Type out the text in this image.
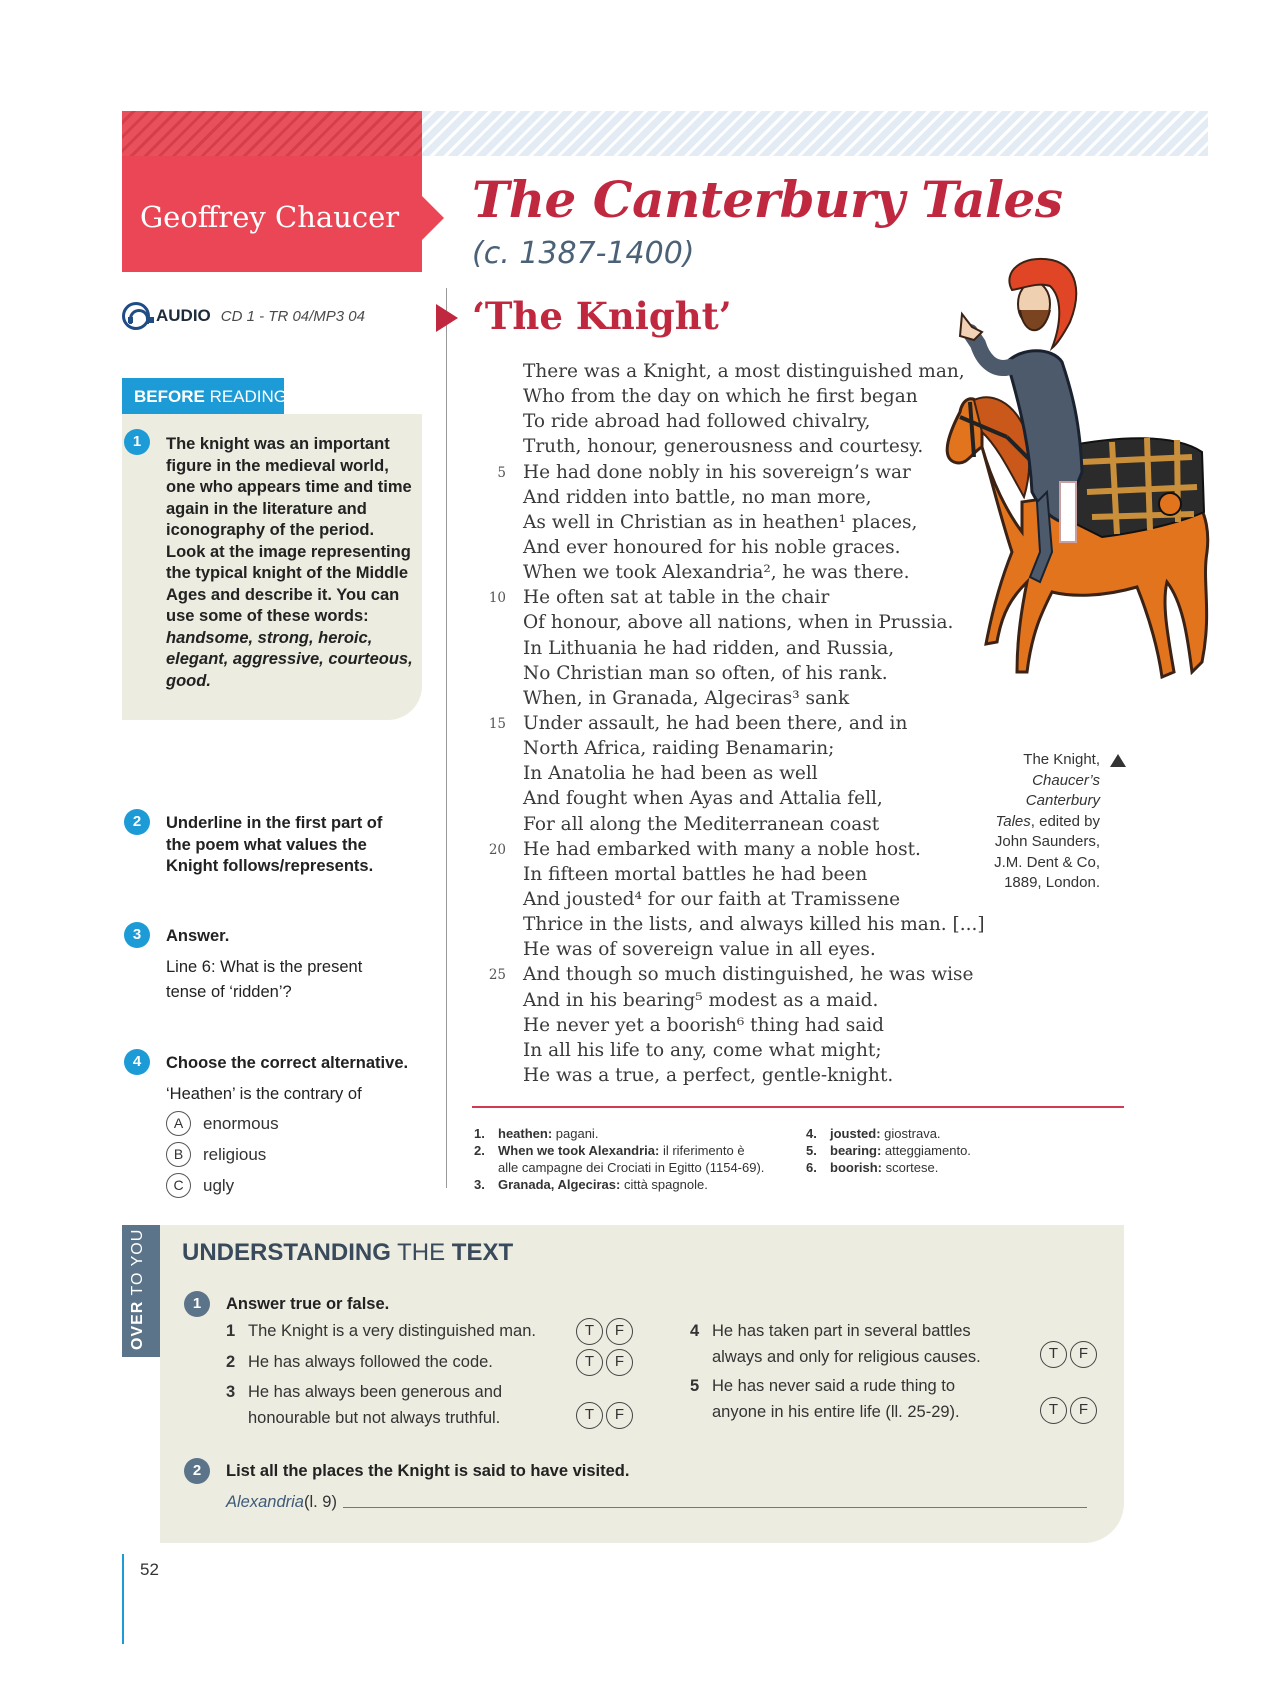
Geoffrey Chaucer The Canterbury Tales
(c. 1387-1400)
AUDIO CD 1 - TR 04/MP3 04	‘The Knight’
BEFORE READING
1	The knight was an important figure in the medieval world, one who appears time and time again in the literature and iconography of the period. Look at the image representing the typical knight of the Middle Ages and describe it. You can use some of these words: handsome, strong, heroic, elegant, aggressive, courteous, good.
2	Underline in the first part of the poem what values the Knight follows/represents.
3	Answer.
Line 6: What is the present tense of ‘ridden’?
4	Choose the correct alternative.
‘Heathen’ is the contrary of
A	enormous
B	religious
C	ugly
There was a Knight, a most distinguished man,
Who from the day on which he first began
To ride abroad had followed chivalry,
Truth, honour, generousness and courtesy.
5 He had done nobly in his sovereign’s war
And ridden into battle, no man more,
As well in Christian as in heathen¹ places,
And ever honoured for his noble graces.
When we took Alexandria², he was there.
10 He often sat at table in the chair
Of honour, above all nations, when in Prussia.
In Lithuania he had ridden, and Russia,
No Christian man so often, of his rank.
When, in Granada, Algeciras³ sank
15 Under assault, he had been there, and in
North Africa, raiding Benamarin;
In Anatolia he had been as well
And fought when Ayas and Attalia fell,
For all along the Mediterranean coast
20 He had embarked with many a noble host.
In fifteen mortal battles he had been
And jousted⁴ for our faith at Tramissene
Thrice in the lists, and always killed his man. [...]
He was of sovereign value in all eyes.
25 And though so much distinguished, he was wise
And in his bearing⁵ modest as a maid.
He never yet a boorish⁶ thing had said
In all his life to any, come what might;
He was a true, a perfect, gentle-knight.
The Knight,
Chaucer’s
Canterbury
Tales, edited by
John Saunders,
J.M. Dent & Co,
1889, London.
1. heathen: pagani.
2. When we took Alexandria: il riferimento è
alle campagne dei Crociati in Egitto (1154-69).
3. Granada, Algeciras: città spagnole.
4. jousted: giostrava.
5. bearing: atteggiamento.
6. boorish: scortese.
OVER TO YOU UNDERSTANDING THE TEXT
1	Answer true or false.
1 The Knight is a very distinguished man.	T	F
2 He has always followed the code.	T	F
3 He has always been generous and
honourable but not always truthful.	T	F
4 He has taken part in several battles
always and only for religious causes.	T	F
5 He has never said a rude thing to
anyone in his entire life (ll. 25-29).	T	F
2	List all the places the Knight is said to have visited.
Alexandria (l. 9)
52
